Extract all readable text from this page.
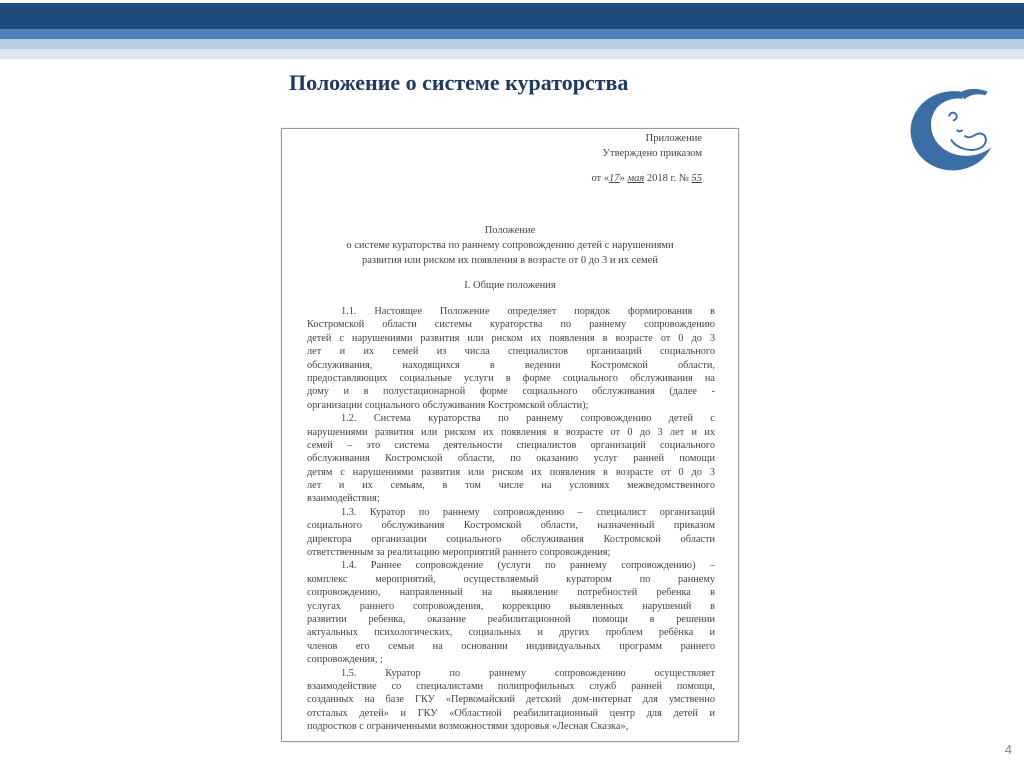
Положение о системе кураторства
Приложение
Утверждено приказом
от «17» мая 2018 г. № 55
Положение
о системе кураторства по раннему сопровождению детей с нарушениями
развития или риском их появления в возрасте от 0 до 3 и их семей
I. Общие положения
1.1. Настоящее Положение определяет порядок формирования в
Костромской области системы кураторства по раннему сопровождению
детей с нарушениями развития или риском их появления в возрасте от 0 до 3
лет и их семей из числа специалистов организаций социального
обслуживания, находящихся в ведении Костромской области,
предоставляющих социальные услуги в форме социального обслуживания на
дому и в полустационарной форме социального обслуживания (далее -
организации социального обслуживания Костромской области);
1.2. Система кураторства по раннему сопровождению детей с
нарушениями развития или риском их появления в возрасте от 0 до 3 лет и их
семей – это система деятельности специалистов организаций социального
обслуживания Костромской области, по оказанию услуг ранней помощи
детям с нарушениями развития или риском их появления в возрасте от 0 до 3
лет и их семьям, в том числе на условиях межведомственного
взаимодействия;
1.3. Куратор по раннему сопровождению – специалист организаций
социального обслуживания Костромской области, назначенный приказом
директора организации социального обслуживания Костромской области
ответственным за реализацию мероприятий раннего сопровождения;
1.4. Раннее сопровождение (услуги по раннему сопровождению) –
комплекс мероприятий, осуществляемый куратором по раннему
сопровождению, направленный на выявление потребностей ребенка в
услугах раннего сопровождения, коррекцию выявленных нарушений в
развитии ребенка, оказание реабилитационной помощи в решении
актуальных психологических, социальных и других проблем ребёнка и
членов его семьи на основании индивидуальных программ раннего
сопровождения, ;
1.5. Куратор по раннему сопровождению осуществляет
взаимодействие со специалистами полипрофильных служб ранней помощи,
созданных на базе ГКУ «Первомайский детский дом-интернат для умственно
отсталых детей» и ГКУ «Областной реабилитационный центр для детей и
подростков с ограниченными возможностями здоровья «Лесная Сказка»,
4
